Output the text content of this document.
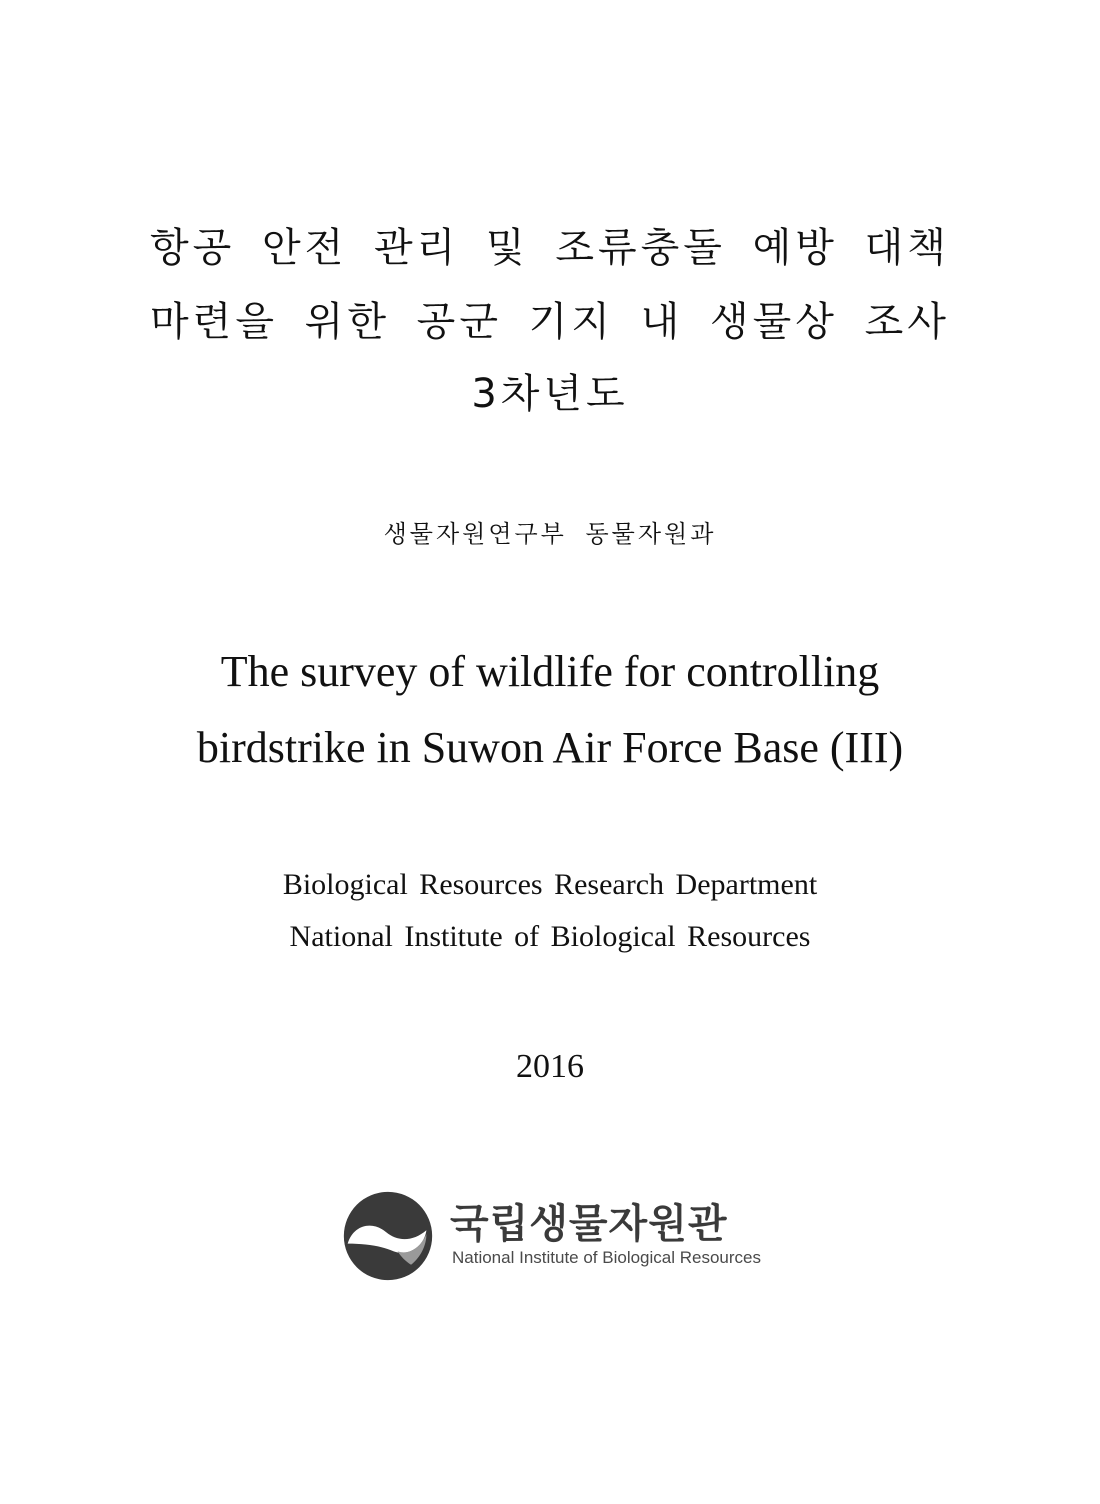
항공 안전 관리 및 조류충돌 예방 대책
마련을 위한 공군 기지 내 생물상 조사
3차년도
생물자원연구부 동물자원과
The survey of wildlife for controlling
birdstrike in Suwon Air Force Base (III)
Biological Resources Research Department
National Institute of Biological Resources
2016
국립생물자원관
National Institute of Biological Resources
